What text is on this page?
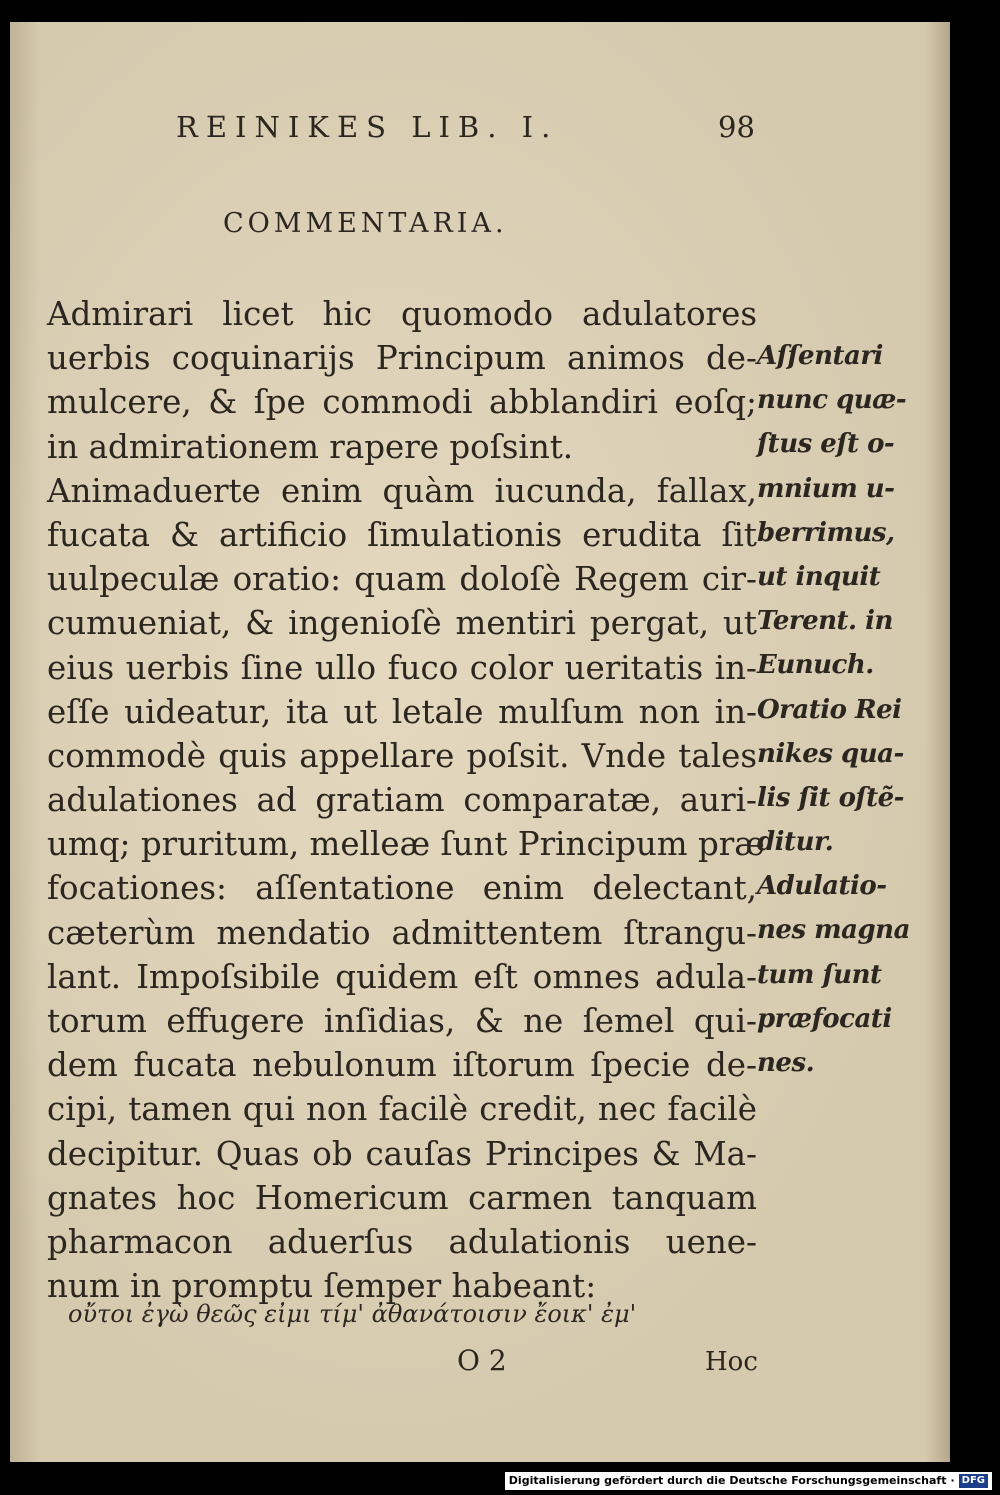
REINIKES LIB. I.	98
COMMENTARIA.
Admirari licet hic quomodo adulatores
uerbis coquinarijs Principum animos de-
mulcere, & ſpe commodi abblandiri eoſq;
in admirationem rapere poſsint.
Animaduerte enim quàm iucunda, fallax,
fucata & artificio ſimulationis erudita ſit
uulpeculæ oratio: quam doloſè Regem cir-
cumueniat, & ingenioſè mentiri pergat, ut
eius uerbis ſine ullo fuco color ueritatis in-
eſſe uideatur, ita ut letale mulſum non in-
commodè quis appellare poſsit. Vnde tales
adulationes ad gratiam comparatæ, auri-
umq; pruritum, melleæ ſunt Principum præ
focationes: aſſentatione enim delectant,
cæterùm mendatio admittentem ſtrangu-
lant. Impoſsibile quidem eſt omnes adula-
torum effugere inſidias, & ne ſemel qui-
dem fucata nebulonum iſtorum ſpecie de-
cipi, tamen qui non facilè credit, nec facilè
decipitur. Quas ob cauſas Principes & Ma-
gnates hoc Homericum carmen tanquam
pharmacon aduerſus adulationis uene-
num in promptu ſemper habeant:
Aſſentari
nunc quæ-
ſtus eſt o-
mnium u-
berrimus,
ut inquit
Terent. in
Eunuch.
Oratio Rei
nikes qua-
lis ſit oſtẽ-
ditur.
Adulatio-
nes magna
tum ſunt
præfocati
nes.
οὔτοι ἐγὼ θεῶς εἰμι τίμ' ἀθανάτοισιν ἔοικ' ἐμ'
O 2	Hoc
Digitalisierung gefördert durch die Deutsche Forschungsgemeinschaft · DFG
